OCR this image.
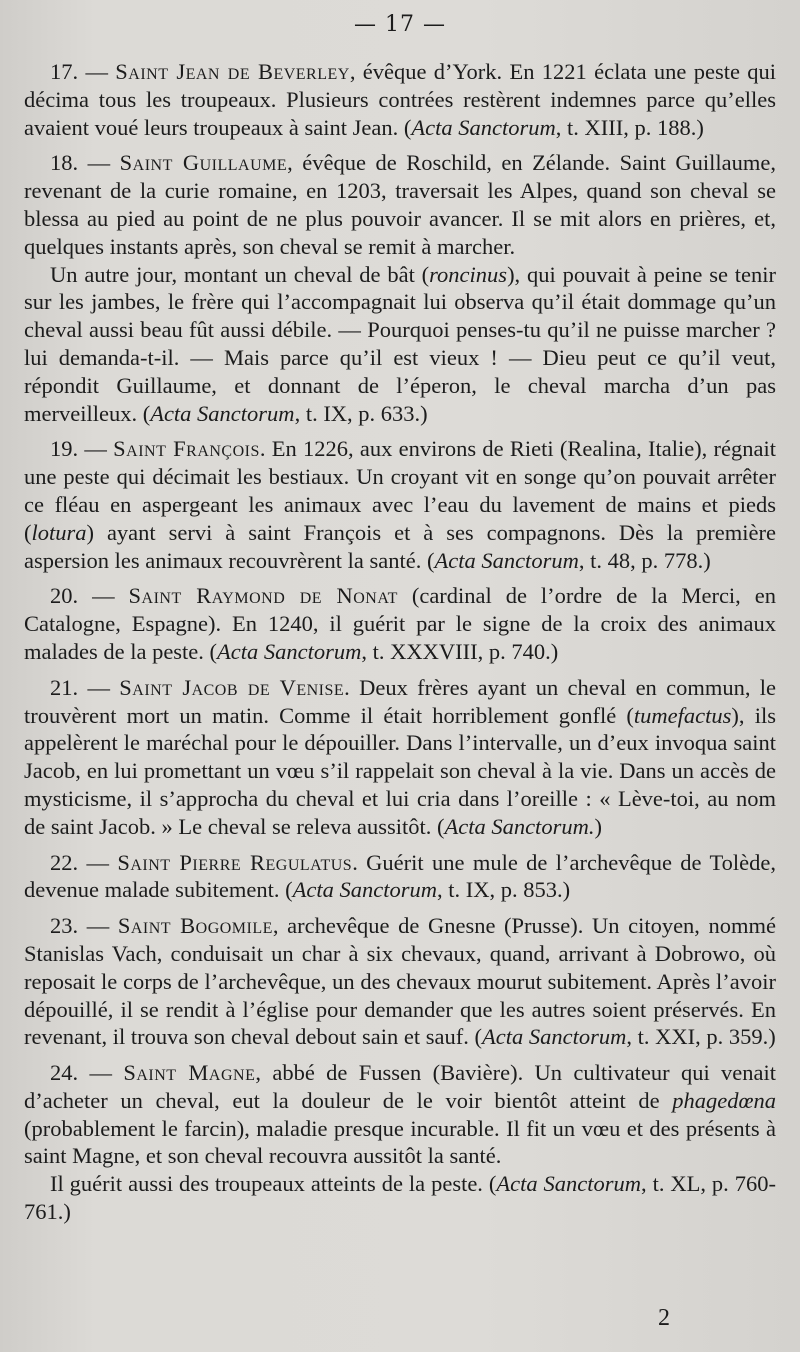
— 17 —

17. — Saint Jean de Beverley, évêque d’York. En 1221 éclata une peste qui décima tous les troupeaux. Plusieurs contrées restèrent indemnes parce qu’elles avaient voué leurs troupeaux à saint Jean. (Acta Sanctorum, t. XIII, p. 188.)

18. — Saint Guillaume, évêque de Roschild, en Zélande. Saint Guillaume, revenant de la curie romaine, en 1203, traversait les Alpes, quand son cheval se blessa au pied au point de ne plus pouvoir avancer. Il se mit alors en prières, et, quelques instants après, son cheval se remit à marcher.

Un autre jour, montant un cheval de bât (roncinus), qui pouvait à peine se tenir sur les jambes, le frère qui l’accompagnait lui observa qu’il était dommage qu’un cheval aussi beau fût aussi débile. — Pourquoi penses-tu qu’il ne puisse marcher ? lui demanda-t-il. — Mais parce qu’il est vieux ! — Dieu peut ce qu’il veut, répondit Guillaume, et donnant de l’éperon, le cheval marcha d’un pas merveilleux. (Acta Sanctorum, t. IX, p. 633.)

19. — Saint François. En 1226, aux environs de Rieti (Realina, Italie), régnait une peste qui décimait les bestiaux. Un croyant vit en songe qu’on pouvait arrêter ce fléau en aspergeant les animaux avec l’eau du lavement de mains et pieds (lotura) ayant servi à saint François et à ses compagnons. Dès la première aspersion les animaux recouvrèrent la santé. (Acta Sanctorum, t. 48, p. 778.)

20. — Saint Raymond de Nonat (cardinal de l’ordre de la Merci, en Catalogne, Espagne). En 1240, il guérit par le signe de la croix des animaux malades de la peste. (Acta Sanctorum, t. XXXVIII, p. 740.)

21. — Saint Jacob de Venise. Deux frères ayant un cheval en commun, le trouvèrent mort un matin. Comme il était horriblement gonflé (tumefactus), ils appelèrent le maréchal pour le dépouiller. Dans l’intervalle, un d’eux invoqua saint Jacob, en lui promettant un vœu s’il rappelait son cheval à la vie. Dans un accès de mysticisme, il s’approcha du cheval et lui cria dans l’oreille : « Lève-toi, au nom de saint Jacob. » Le cheval se releva aussitôt. (Acta Sanctorum.)

22. — Saint Pierre Regulatus. Guérit une mule de l’archevêque de Tolède, devenue malade subitement. (Acta Sanctorum, t. IX, p. 853.)

23. — Saint Bogomile, archevêque de Gnesne (Prusse). Un citoyen, nommé Stanislas Vach, conduisait un char à six chevaux, quand, arrivant à Dobrowo, où reposait le corps de l’archevêque, un des chevaux mourut subitement. Après l’avoir dépouillé, il se rendit à l’église pour demander que les autres soient préservés. En revenant, il trouva son cheval debout sain et sauf. (Acta Sanctorum, t. XXI, p. 359.)

24. — Saint Magne, abbé de Fussen (Bavière). Un cultivateur qui venait d’acheter un cheval, eut la douleur de le voir bientôt atteint de phagedœna (probablement le farcin), maladie presque incurable. Il fit un vœu et des présents à saint Magne, et son cheval recouvra aussitôt la santé.

Il guérit aussi des troupeaux atteints de la peste. (Acta Sanctorum, t. XL, p. 760-761.)

2
